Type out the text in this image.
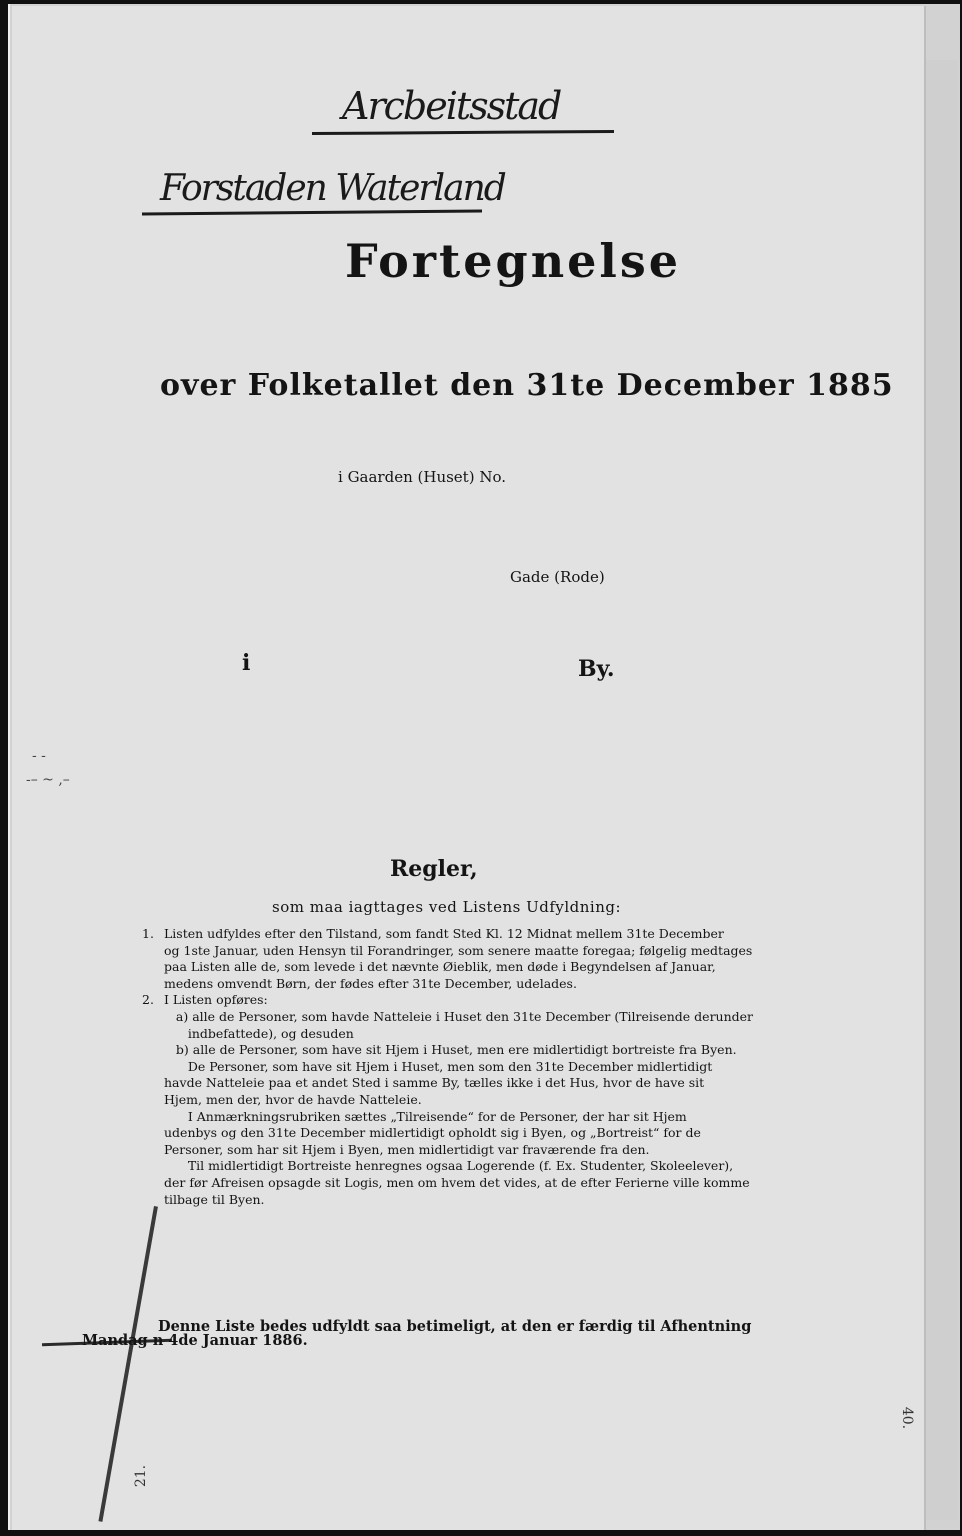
Arcbeitsstad
Forstaden Waterland
Fortegnelse
over Folketallet den 31te December 1885
i Gaarden (Huset) No.
Gade (Rode)
i	By.
- -
-– ~ ,–
Regler,
som maa iagttages ved Listens Udfyldning:
1. Listen udfyldes efter den Tilstand, som fandt Sted Kl. 12 Midnat mellem 31te December
og 1ste Januar, uden Hensyn til Forandringer, som senere maatte foregaa; følgelig medtages
paa Listen alle de, som levede i det nævnte Øieblik, men døde i Begyndelsen af Januar,
medens omvendt Børn, der fødes efter 31te December, udelades.
2. I Listen opføres:
a) alle de Personer, som havde Natteleie i Huset den 31te December (Tilreisende derunder
indbefattede), og desuden
b) alle de Personer, som have sit Hjem i Huset, men ere midlertidigt bortreiste fra Byen.
De Personer, som have sit Hjem i Huset, men som den 31te December midlertidigt
havde Natteleie paa et andet Sted i samme By, tælles ikke i det Hus, hvor de have sit
Hjem, men der, hvor de havde Natteleie.
I Anmærkningsrubriken sættes „Tilreisende“ for de Personer, der har sit Hjem
udenbys og den 31te December midlertidigt opholdt sig i Byen, og „Bortreist“ for de
Personer, som har sit Hjem i Byen, men midlertidigt var fraværende fra den.
Til midlertidigt Bortreiste henregnes ogsaa Logerende (f. Ex. Studenter, Skoleelever),
der før Afreisen opsagde sit Logis, men om hvem det vides, at de efter Ferierne ville komme
tilbage til Byen.
Denne Liste bedes udfyldt saa betimeligt, at den er færdig til Afhentning
Mandag n 4de Januar 1886.
21.
40.
